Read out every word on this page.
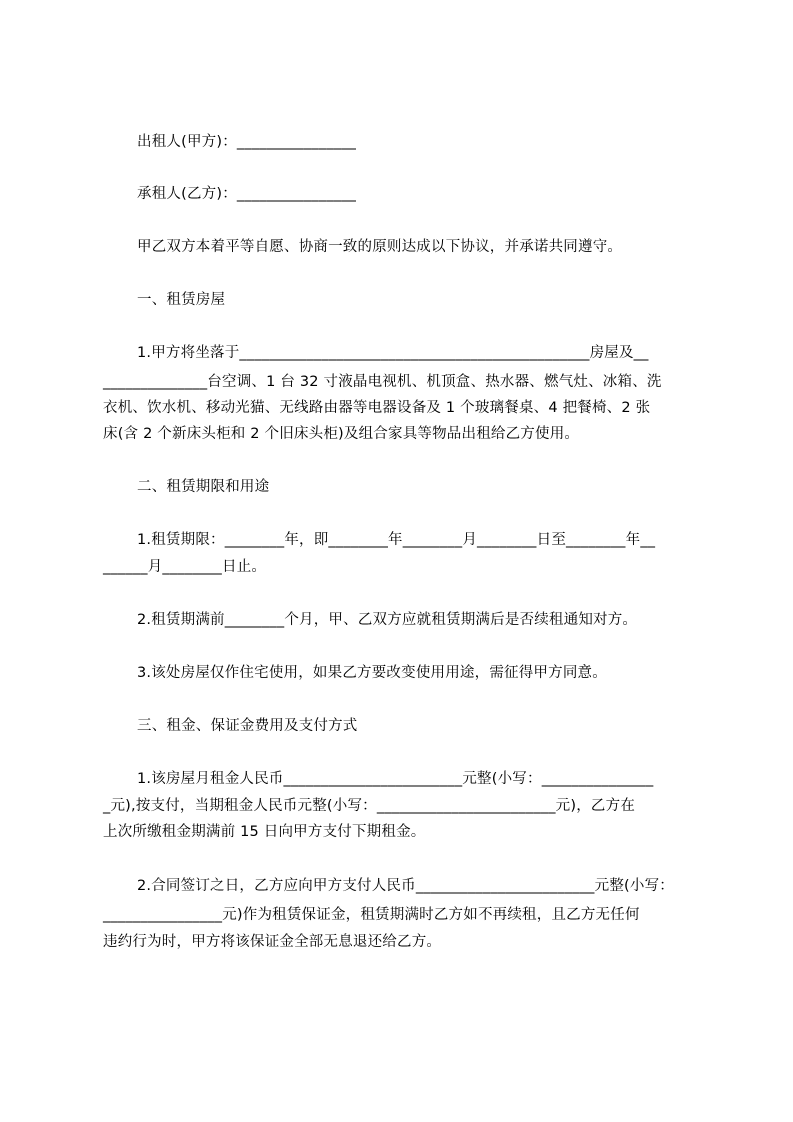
出租人(甲方)：________________
承租人(乙方)：________________
甲乙双方本着平等自愿、协商一致的原则达成以下协议，并承诺共同遵守。
一、租赁房屋
1.甲方将坐落于_______________________________________________房屋及__
______________台空调、1 台 32 寸液晶电视机、机顶盒、热水器、燃气灶、冰箱、洗
衣机、饮水机、移动光猫、无线路由器等电器设备及 1 个玻璃餐桌、4 把餐椅、2 张
床(含 2 个新床头柜和 2 个旧床头柜)及组合家具等物品出租给乙方使用。
二、租赁期限和用途
1.租赁期限：________年，即________年________月________日至________年__
______月________日止。
2.租赁期满前________个月，甲、乙双方应就租赁期满后是否续租通知对方。
3.该处房屋仅作住宅使用，如果乙方要改变使用用途，需征得甲方同意。
三、租金、保证金费用及支付方式
1.该房屋月租金人民币________________________元整(小写：_______________
_元),按支付，当期租金人民币元整(小写：________________________元)，乙方在
上次所缴租金期满前 15 日向甲方支付下期租金。
2.合同签订之日，乙方应向甲方支付人民币________________________元整(小写：
________________元)作为租赁保证金，租赁期满时乙方如不再续租，且乙方无任何
违约行为时，甲方将该保证金全部无息退还给乙方。
